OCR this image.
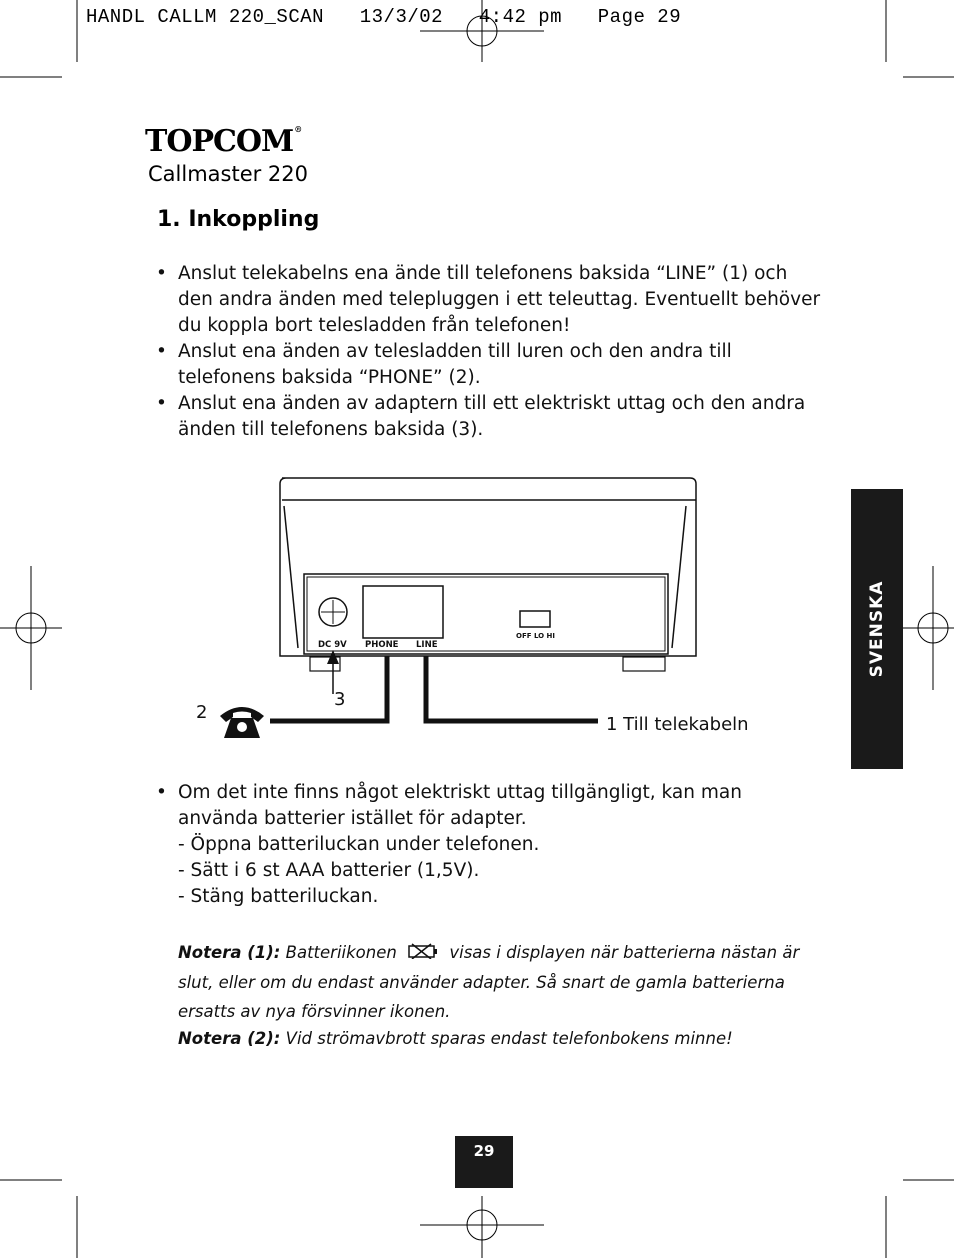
HANDL CALLM 220_SCAN   13/3/02   4:42 pm   Page 29
TOPCOM®
Callmaster 220
1. Inkoppling
• Anslut telekabelns ena ände till telefonens baksida “LINE” (1) och den andra änden med telepluggen i ett teleuttag. Eventuellt behöver du koppla bort telesladden från telefonen!
• Anslut ena änden av telesladden till luren och den andra till telefonens baksida “PHONE” (2).
• Anslut ena änden av adaptern till ett elektriskt uttag och den andra änden till telefonens baksida (3).
DC 9V PHONE LINE
OFF LO HI
2
3
1 Till telekabeln
• Om det inte finns något elektriskt uttag tillgängligt, kan man använda batterier istället för adapter.
- Öppna batteriluckan under telefonen.
- Sätt i 6 st AAA batterier (1,5V).
- Stäng batteriluckan.
Notera (1): Batteriikonen	visas i displayen när batterierna nästan är slut, eller om du endast använder adapter. Så snart de gamla batterierna ersatts av nya försvinner ikonen.
Notera (2): Vid strömavbrott sparas endast telefonbokens minne!
SVENSKA
29
